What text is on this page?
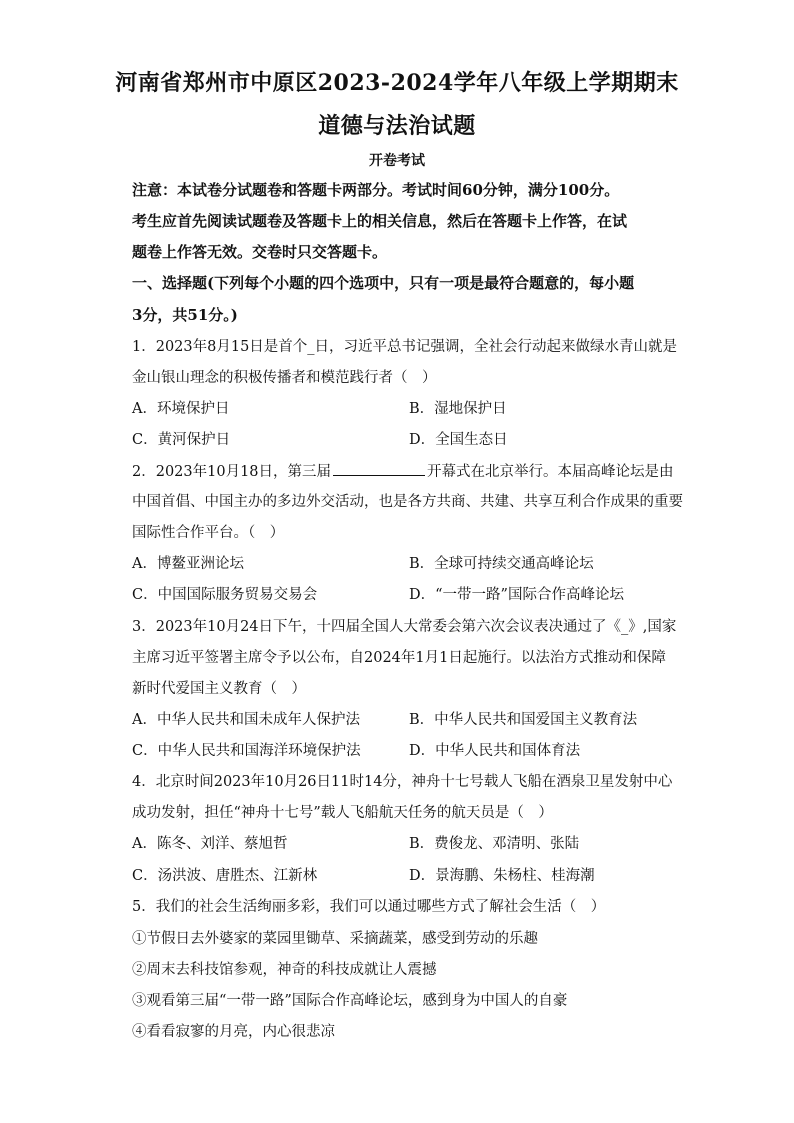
河南省郑州市中原区2023-2024学年八年级上学期期末
道德与法治试题
开卷考试
注意：本试卷分试题卷和答题卡两部分。考试时间60分钟，满分100分。
考生应首先阅读试题卷及答题卡上的相关信息，然后在答题卡上作答，在试
题卷上作答无效。交卷时只交答题卡。
一、选择题(下列每个小题的四个选项中，只有一项是最符合题意的，每小题
3分，共51分。)
1．2023年8月15日是首个_日，习近平总书记强调，全社会行动起来做绿水青山就是
金山银山理念的积极传播者和模范践行者（　）
A．环境保护日	B．湿地保护日
C．黄河保护日	D．全国生态日
2．2023年10月18日，第三届	开幕式在北京举行。本届高峰论坛是由
中国首倡、中国主办的多边外交活动，也是各方共商、共建、共享互利合作成果的重要
国际性合作平台。（　）
A．博鳌亚洲论坛	B．全球可持续交通高峰论坛
C．中国国际服务贸易交易会	D．“一带一路”国际合作高峰论坛
3．2023年10月24日下午，十四届全国人大常委会第六次会议表决通过了《_》,国家
主席习近平签署主席令予以公布，自2024年1月1日起施行。以法治方式推动和保障
新时代爱国主义教育（　）
A．中华人民共和国未成年人保护法	B．中华人民共和国爱国主义教育法
C．中华人民共和国海洋环境保护法	D．中华人民共和国体育法
4．北京时间2023年10月26日11时14分，神舟十七号载人飞船在酒泉卫星发射中心
成功发射，担任“神舟十七号”载人飞船航天任务的航天员是（　）
A．陈冬、刘洋、蔡旭哲	B．费俊龙、邓清明、张陆
C．汤洪波、唐胜杰、江新林	D．景海鹏、朱杨柱、桂海潮
5．我们的社会生活绚丽多彩，我们可以通过哪些方式了解社会生活（　）
①节假日去外婆家的菜园里锄草、采摘蔬菜，感受到劳动的乐趣
②周末去科技馆参观，神奇的科技成就让人震撼
③观看第三届“一带一路”国际合作高峰论坛，感到身为中国人的自豪
④看看寂寥的月亮，内心很悲凉
